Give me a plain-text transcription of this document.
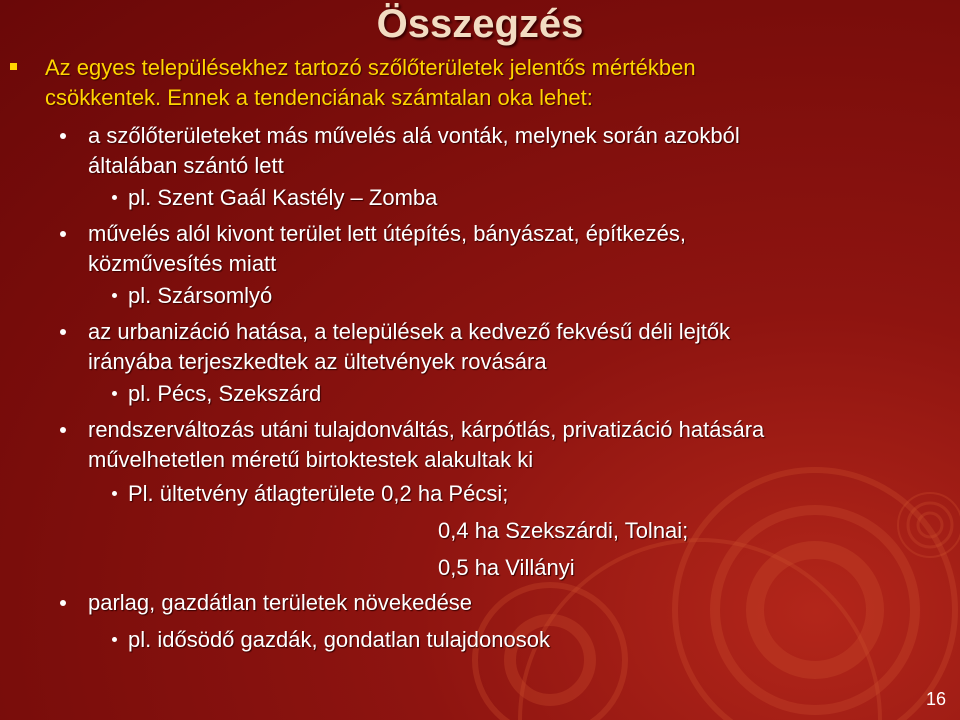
Összegzés
Az egyes településekhez tartozó szőlőterületek jelentős mértékben
csökkentek. Ennek a tendenciának számtalan oka lehet:
a szőlőterületeket más művelés alá vonták, melynek során azokból
általában szántó lett
pl. Szent Gaál Kastély – Zomba
művelés alól kivont terület lett útépítés, bányászat, építkezés,
közművesítés miatt
pl. Szársomlyó
az urbanizáció hatása, a települések a kedvező fekvésű déli lejtők
irányába terjeszkedtek az ültetvények rovására
pl. Pécs, Szekszárd
rendszerváltozás utáni tulajdonváltás, kárpótlás, privatizáció hatására
művelhetetlen méretű birtoktestek alakultak ki
Pl. ültetvény átlagterülete 0,2 ha Pécsi;
0,4 ha Szekszárdi, Tolnai;
0,5 ha Villányi
parlag, gazdátlan területek növekedése
pl. idősödő gazdák, gondatlan tulajdonosok
16
